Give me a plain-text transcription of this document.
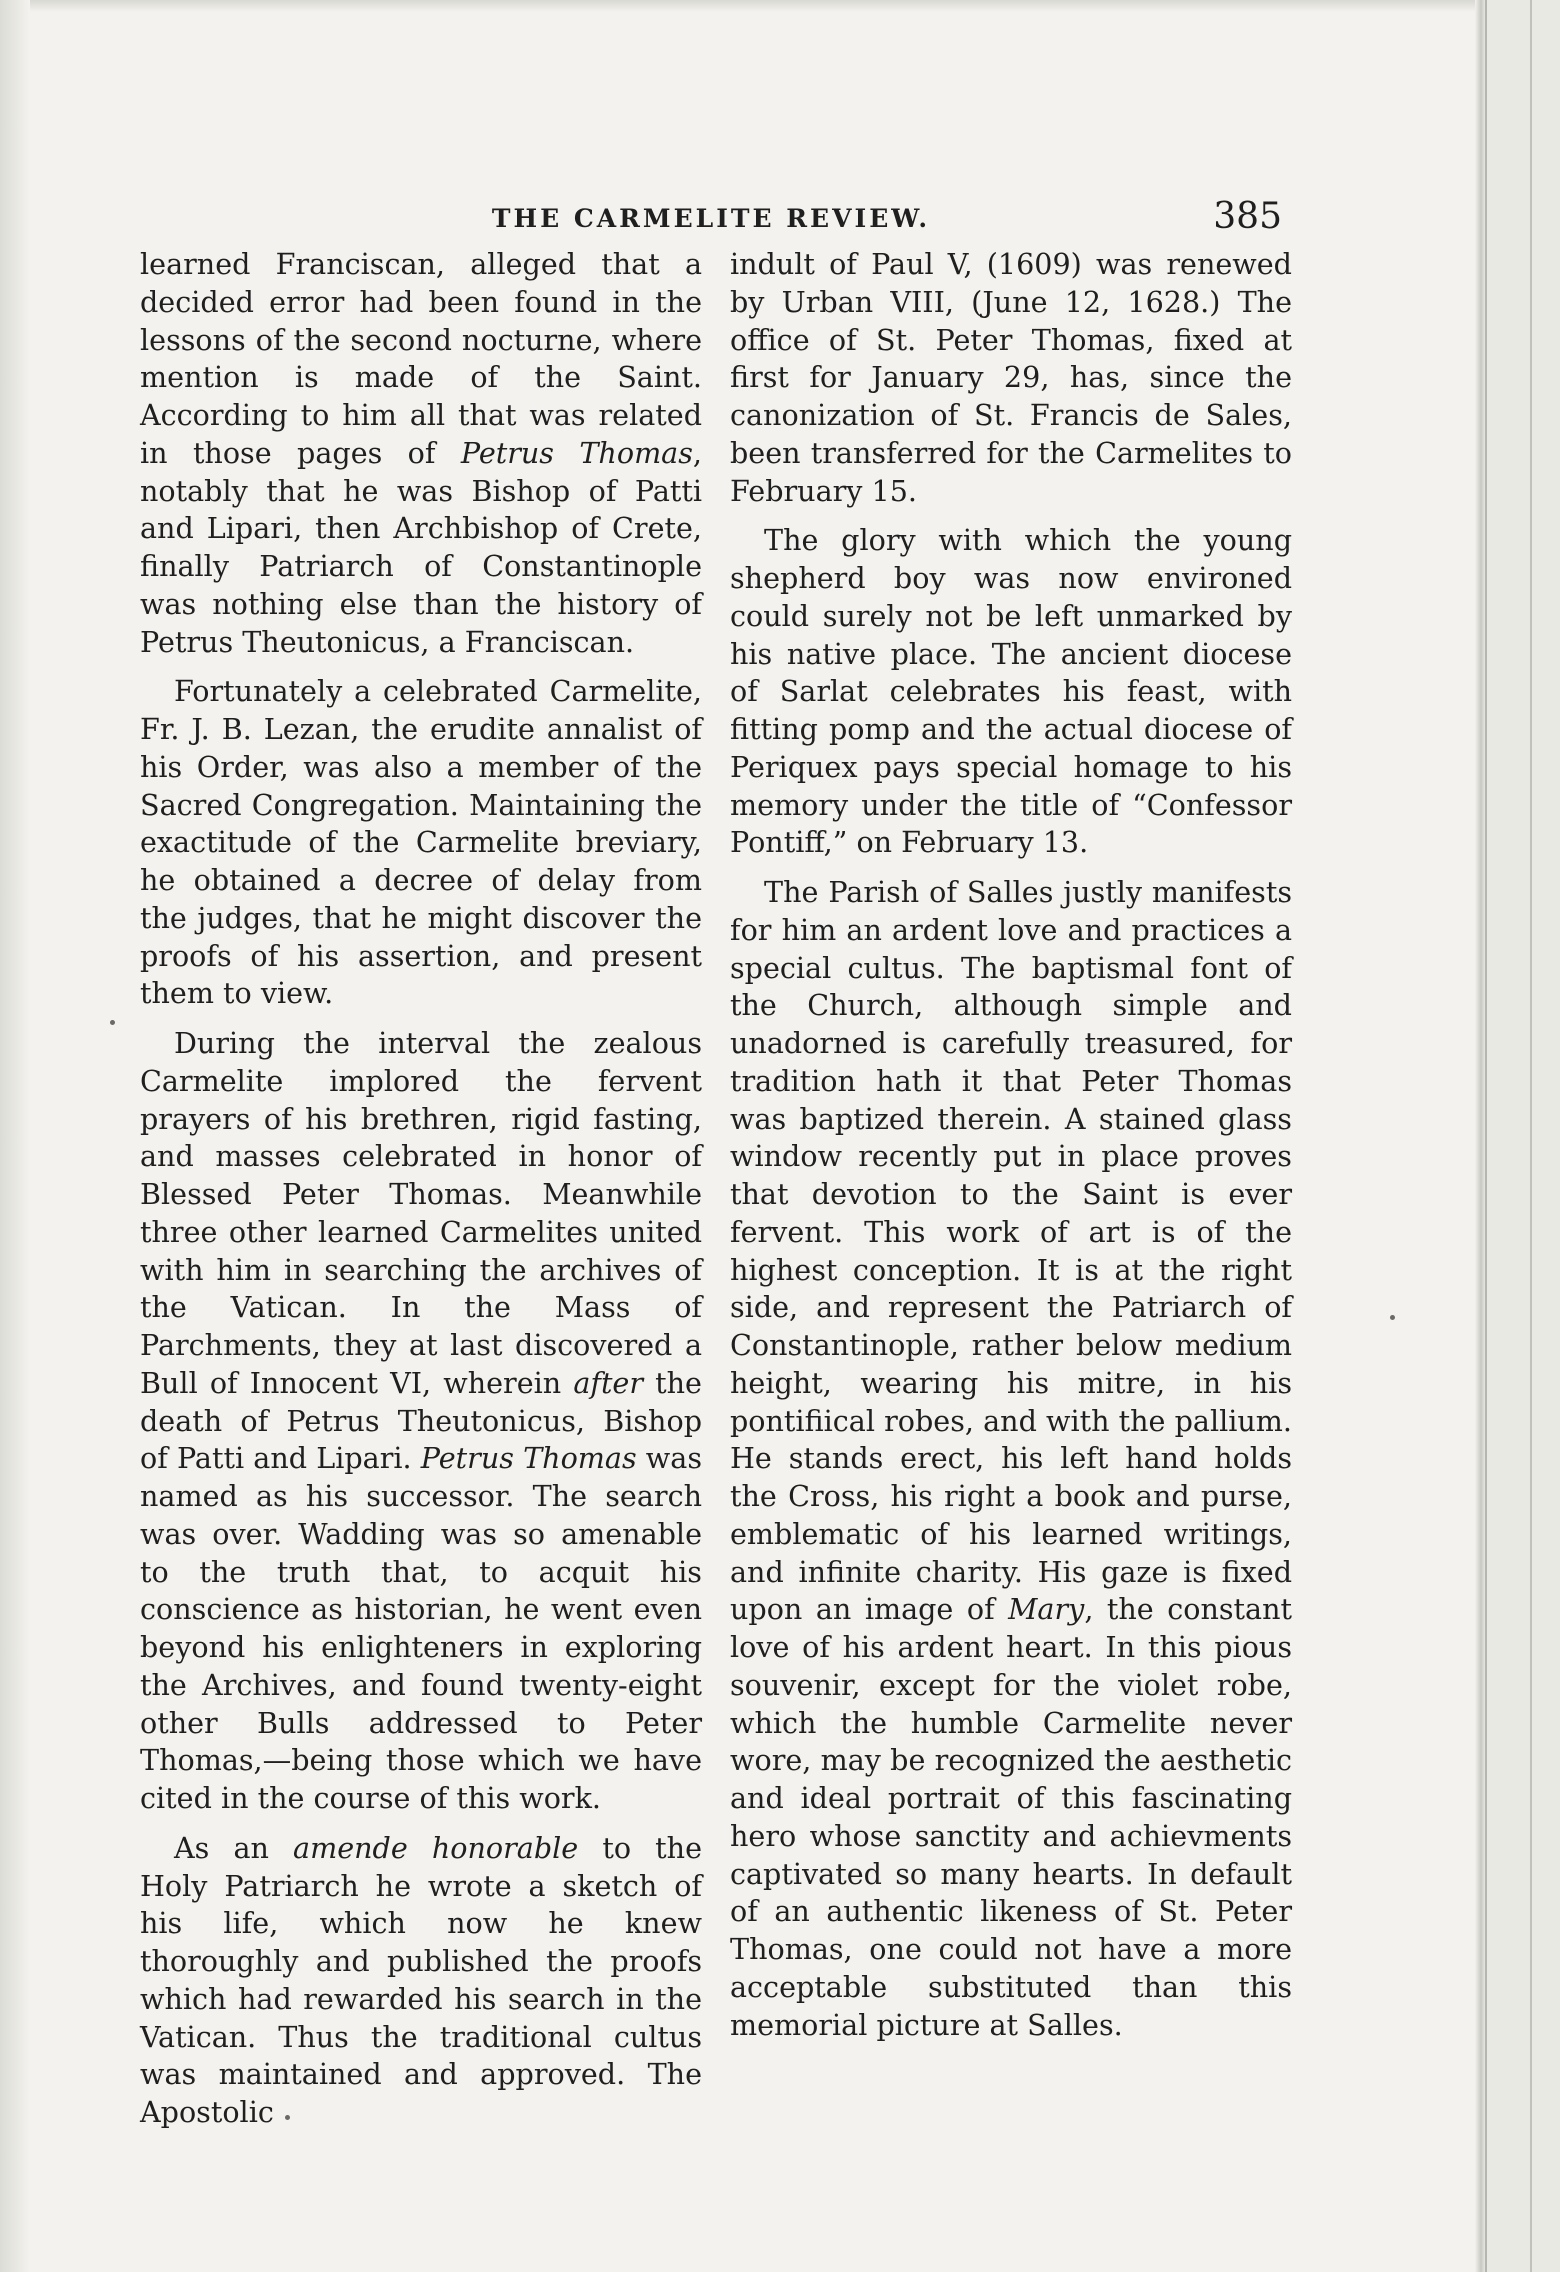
THE CARMELITE REVIEW.	385

learned Franciscan, alleged that a decided error had been found in the lessons of the second nocturne, where mention is made of the Saint. According to him all that was related in those pages of Petrus Thomas, notably that he was Bishop of Patti and Lipari, then Archbishop of Crete, finally Patriarch of Constantinople was nothing else than the history of Petrus Theutonicus, a Franciscan.

Fortunately a celebrated Carmelite, Fr. J. B. Lezan, the erudite annalist of his Order, was also a member of the Sacred Congregation. Maintaining the exactitude of the Carmelite breviary, he obtained a decree of delay from the judges, that he might discover the proofs of his assertion, and present them to view.

During the interval the zealous Carmelite implored the fervent prayers of his brethren, rigid fasting, and masses celebrated in honor of Blessed Peter Thomas. Meanwhile three other learned Carmelites united with him in searching the archives of the Vatican. In the Mass of Parchments, they at last discovered a Bull of Innocent VI, wherein after the death of Petrus Theutonicus, Bishop of Patti and Lipari. Petrus Thomas was named as his successor. The search was over. Wadding was so amenable to the truth that, to acquit his conscience as historian, he went even beyond his enlighteners in exploring the Archives, and found twenty-eight other Bulls addressed to Peter Thomas,—being those which we have cited in the course of this work.

As an amende honorable to the Holy Patriarch he wrote a sketch of his life, which now he knew thoroughly and published the proofs which had rewarded his search in the Vatican. Thus the traditional cultus was maintained and approved. The Apostolic

indult of Paul V, (1609) was renewed by Urban VIII, (June 12, 1628.) The office of St. Peter Thomas, fixed at first for January 29, has, since the canonization of St. Francis de Sales, been transferred for the Carmelites to February 15.

The glory with which the young shepherd boy was now environed could surely not be left unmarked by his native place. The ancient diocese of Sarlat celebrates his feast, with fitting pomp and the actual diocese of Periquex pays special homage to his memory under the title of “Confessor Pontiff,” on February 13.

The Parish of Salles justly manifests for him an ardent love and practices a special cultus. The baptismal font of the Church, although simple and unadorned is carefully treasured, for tradition hath it that Peter Thomas was baptized therein. A stained glass window recently put in place proves that devotion to the Saint is ever fervent. This work of art is of the highest conception. It is at the right side, and represent the Patriarch of Constantinople, rather below medium height, wearing his mitre, in his pontifiical robes, and with the pallium. He stands erect, his left hand holds the Cross, his right a book and purse, emblematic of his learned writings, and infinite charity. His gaze is fixed upon an image of Mary, the constant love of his ardent heart. In this pious souvenir, except for the violet robe, which the humble Carmelite never wore, may be recognized the aesthetic and ideal portrait of this fascinating hero whose sanctity and achievments captivated so many hearts. In default of an authentic likeness of St. Peter Thomas, one could not have a more acceptable substituted than this memorial picture at Salles.
